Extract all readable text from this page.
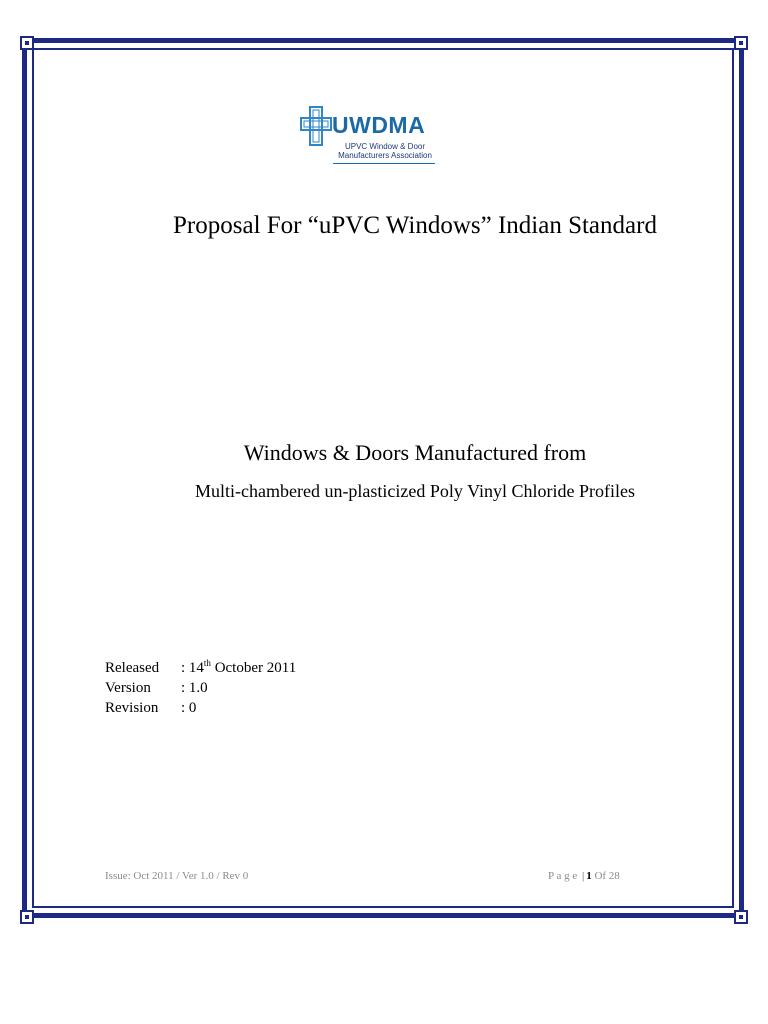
UWDMA
UPVC Window & Door Manufacturers Association
Proposal For “uPVC Windows” Indian Standard
Windows & Doors Manufactured from
Multi-chambered un-plasticized Poly Vinyl Chloride Profiles
Released	: 14th October 2011
Version	: 1.0
Revision	: 0
Issue: Oct 2011 / Ver 1.0 / Rev 0	P a g e | 1 Of 28
